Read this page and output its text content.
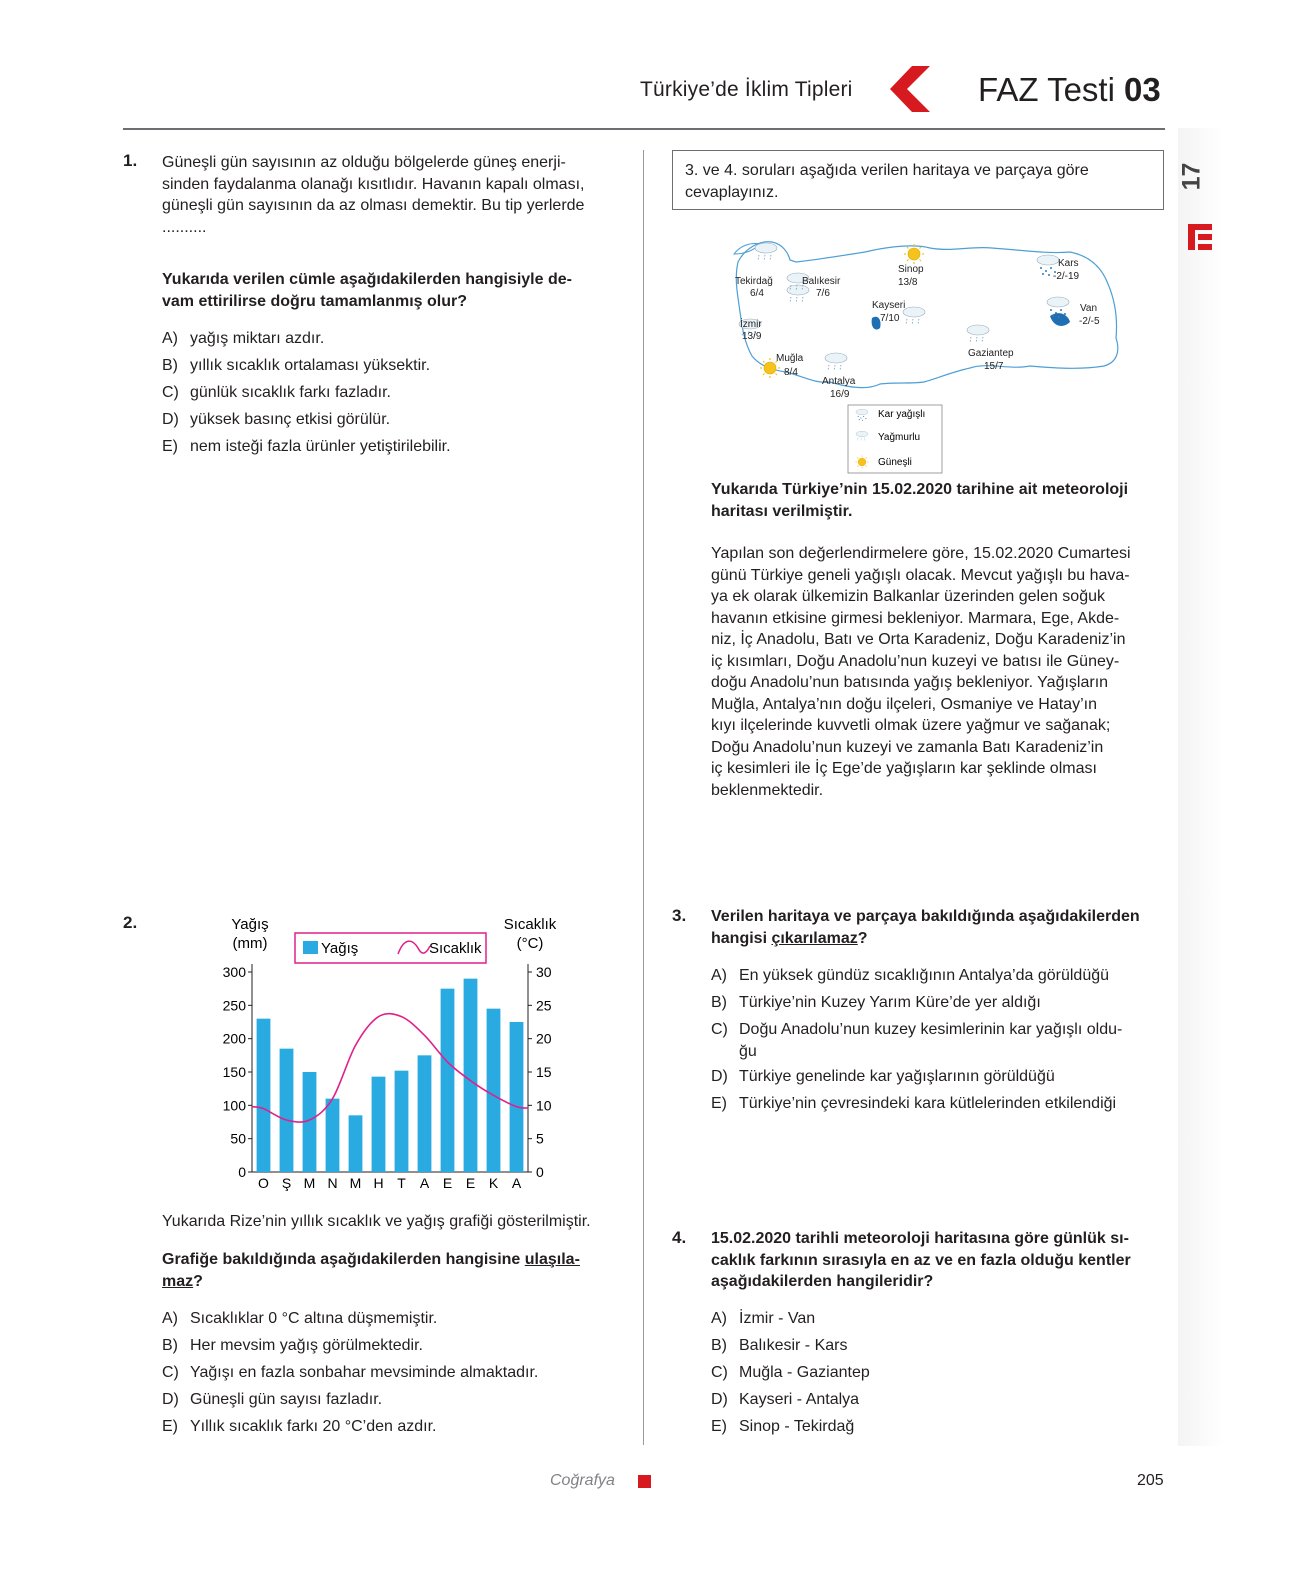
Türkiye’de İklim Tipleri	FAZ Testi 03
17
1. Güneşli gün sayısının az olduğu bölgelerde güneş enerji-
sinden faydalanma olanağı kısıtlıdır. Havanın kapalı olması,
güneşli gün sayısının da az olması demektir. Bu tip yerlerde
..........
Yukarıda verilen cümle aşağıdakilerden hangisiyle de-
vam ettirilirse doğru tamamlanmış olur?
A) yağış miktarı azdır.
B) yıllık sıcaklık ortalaması yüksektir.
C) günlük sıcaklık farkı fazladır.
D) yüksek basınç etkisi görülür.
E) nem isteği fazla ürünler yetiştirilebilir.
2.	Yağış
(mm)
Sıcaklık
(°C)
Yağış	Sıcaklık
0
50
100
150
200
250
300
0
5
10
15
20
25
30
O Ş M N M H T A E E K A
Yukarıda Rize’nin yıllık sıcaklık ve yağış grafiği gösterilmiştir.
Grafiğe bakıldığında aşağıdakilerden hangisine ulaşıla-
maz?
A) Sıcaklıklar 0 °C altına düşmemiştir.
B) Her mevsim yağış görülmektedir.
C) Yağışı en fazla sonbahar mevsiminde almaktadır.
D) Güneşli gün sayısı fazladır.
E) Yıllık sıcaklık farkı 20 °C’den azdır.
3. ve 4. soruları aşağıda verilen haritaya ve parçaya göre
cevaplayınız.
Tekirdağ
6/4
Balıkesir
7/6
Sinop
13/8
Kars
-2/-19
Van
-2/-5
Kayseri
7/10
İzmir
13/9
Muğla
8/4
Antalya
16/9
Gaziantep
15/7
Kar yağışlı
Yağmurlu
Güneşli
Yukarıda Türkiye’nin 15.02.2020 tarihine ait meteoroloji
haritası verilmiştir.
Yapılan son değerlendirmelere göre, 15.02.2020 Cumartesi
günü Türkiye geneli yağışlı olacak. Mevcut yağışlı bu hava-
ya ek olarak ülkemizin Balkanlar üzerinden gelen soğuk
havanın etkisine girmesi bekleniyor. Marmara, Ege, Akde-
niz, İç Anadolu, Batı ve Orta Karadeniz, Doğu Karadeniz’in
iç kısımları, Doğu Anadolu’nun kuzeyi ve batısı ile Güney-
doğu Anadolu’nun batısında yağış bekleniyor. Yağışların
Muğla, Antalya’nın doğu ilçeleri, Osmaniye ve Hatay’ın
kıyı ilçelerinde kuvvetli olmak üzere yağmur ve sağanak;
Doğu Anadolu’nun kuzeyi ve zamanla Batı Karadeniz’in
iç kesimleri ile İç Ege’de yağışların kar şeklinde olması
beklenmektedir.
3. Verilen haritaya ve parçaya bakıldığında aşağıdakilerden
hangisi çıkarılamaz?
A) En yüksek gündüz sıcaklığının Antalya’da görüldüğü
B) Türkiye’nin Kuzey Yarım Küre’de yer aldığı
C) Doğu Anadolu’nun kuzey kesimlerinin kar yağışlı oldu-
ğu
D) Türkiye genelinde kar yağışlarının görüldüğü
E) Türkiye’nin çevresindeki kara kütlelerinden etkilendiği
4. 15.02.2020 tarihli meteoroloji haritasına göre günlük sı-
caklık farkının sırasıyla en az ve en fazla olduğu kentler
aşağıdakilerden hangileridir?
A) İzmir - Van
B) Balıkesir - Kars
C) Muğla - Gaziantep
D) Kayseri - Antalya
E) Sinop - Tekirdağ
Coğrafya	205
